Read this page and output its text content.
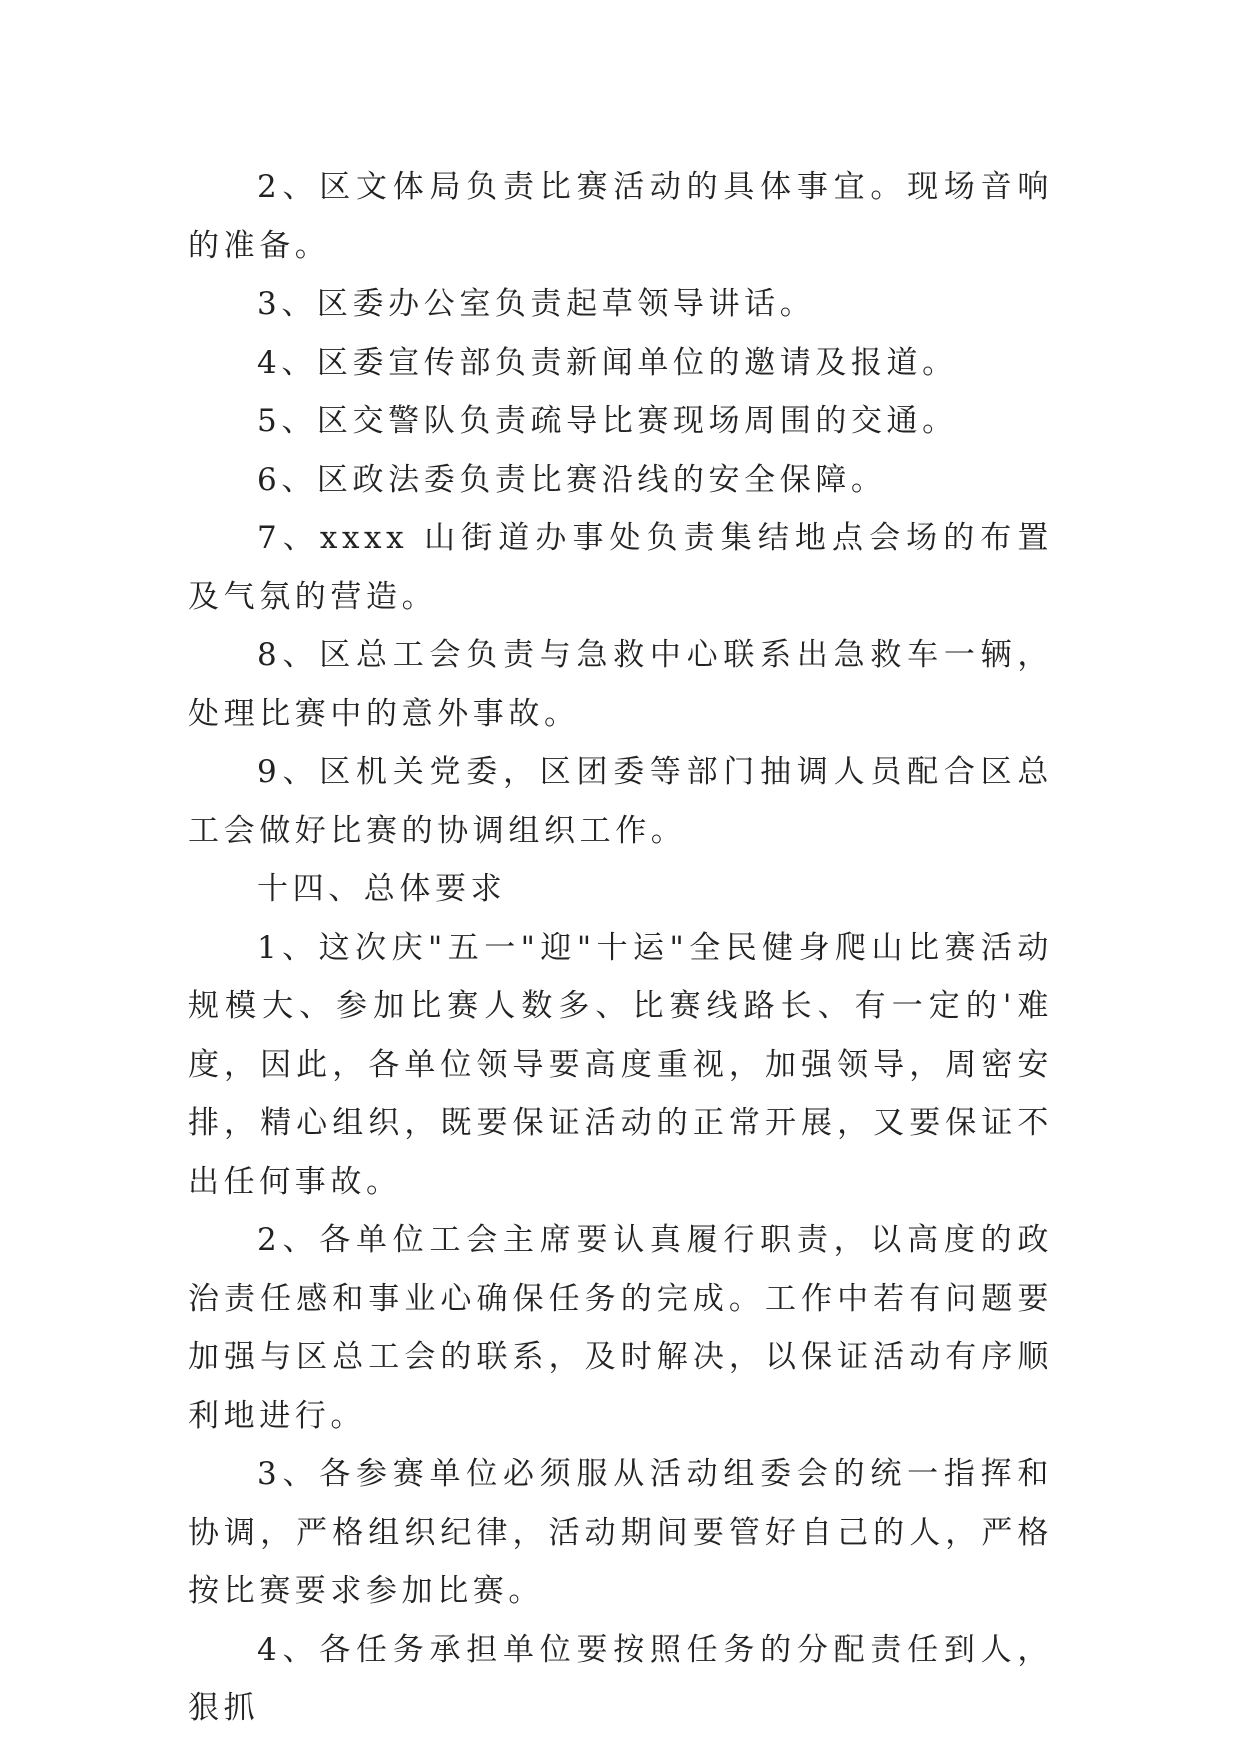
2、区文体局负责比赛活动的具体事宜。现场音响的准备。

3、区委办公室负责起草领导讲话。

4、区委宣传部负责新闻单位的邀请及报道。

5、区交警队负责疏导比赛现场周围的交通。

6、区政法委负责比赛沿线的安全保障。

7、xxxx 山街道办事处负责集结地点会场的布置及气氛的营造。

8、区总工会负责与急救中心联系出急救车一辆，处理比赛中的意外事故。

9、区机关党委，区团委等部门抽调人员配合区总工会做好比赛的协调组织工作。

十四、总体要求

1、这次庆"五一"迎"十运"全民健身爬山比赛活动规模大、参加比赛人数多、比赛线路长、有一定的'难度，因此，各单位领导要高度重视，加强领导，周密安排，精心组织，既要保证活动的正常开展，又要保证不出任何事故。

2、各单位工会主席要认真履行职责，以高度的政治责任感和事业心确保任务的完成。工作中若有问题要加强与区总工会的联系，及时解决，以保证活动有序顺利地进行。

3、各参赛单位必须服从活动组委会的统一指挥和协调，严格组织纪律，活动期间要管好自己的人，严格按比赛要求参加比赛。

4、各任务承担单位要按照任务的分配责任到人，狠抓
